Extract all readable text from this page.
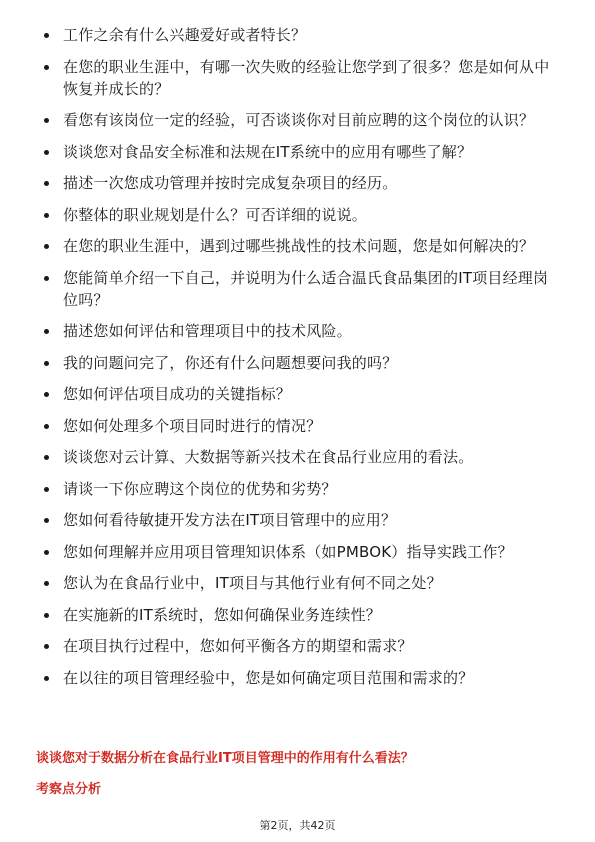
工作之余有什么兴趣爱好或者特长？
在您的职业生涯中，有哪一次失败的经验让您学到了很多？您是如何从中恢复并成长的？
看您有该岗位一定的经验，可否谈谈你对目前应聘的这个岗位的认识？
谈谈您对食品安全标准和法规在IT系统中的应用有哪些了解？
描述一次您成功管理并按时完成复杂项目的经历。
你整体的职业规划是什么？可否详细的说说。
在您的职业生涯中，遇到过哪些挑战性的技术问题，您是如何解决的？
您能简单介绍一下自己，并说明为什么适合温氏食品集团的IT项目经理岗位吗？
描述您如何评估和管理项目中的技术风险。
我的问题问完了，你还有什么问题想要问我的吗？
您如何评估项目成功的关键指标？
您如何处理多个项目同时进行的情况？
谈谈您对云计算、大数据等新兴技术在食品行业应用的看法。
请谈一下你应聘这个岗位的优势和劣势？
您如何看待敏捷开发方法在IT项目管理中的应用？
您如何理解并应用项目管理知识体系（如PMBOK）指导实践工作？
您认为在食品行业中，IT项目与其他行业有何不同之处？
在实施新的IT系统时，您如何确保业务连续性？
在项目执行过程中，您如何平衡各方的期望和需求？
在以往的项目管理经验中，您是如何确定项目范围和需求的？
谈谈您对于数据分析在食品行业IT项目管理中的作用有什么看法？
考察点分析
第2页，共42页
